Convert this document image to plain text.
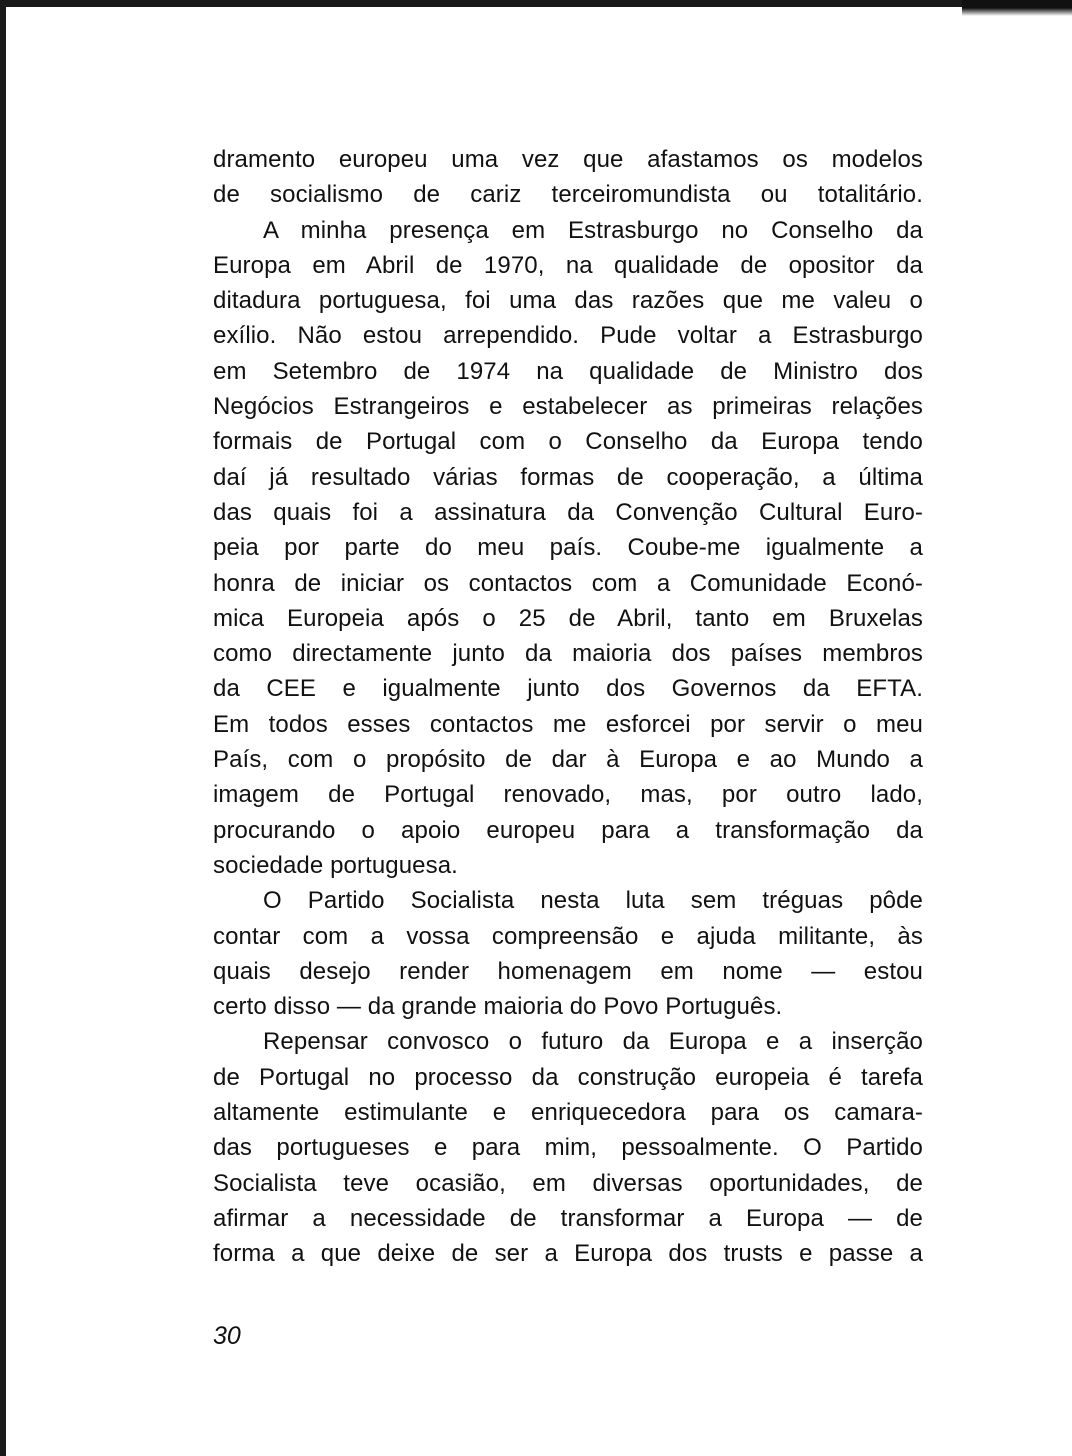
dramento europeu uma vez que afastamos os modelos
de socialismo de cariz terceiromundista ou totalitário.
A minha presença em Estrasburgo no Conselho da
Europa em Abril de 1970, na qualidade de opositor da
ditadura portuguesa, foi uma das razões que me valeu o
exílio. Não estou arrependido. Pude voltar a Estrasburgo
em Setembro de 1974 na qualidade de Ministro dos
Negócios Estrangeiros e estabelecer as primeiras relações
formais de Portugal com o Conselho da Europa tendo
daí já resultado várias formas de cooperação, a última
das quais foi a assinatura da Convenção Cultural Euro-
peia por parte do meu país. Coube-me igualmente a
honra de iniciar os contactos com a Comunidade Econó-
mica Europeia após o 25 de Abril, tanto em Bruxelas
como directamente junto da maioria dos países membros
da CEE e igualmente junto dos Governos da EFTA.
Em todos esses contactos me esforcei por servir o meu
País, com o propósito de dar à Europa e ao Mundo a
imagem de Portugal renovado, mas, por outro lado,
procurando o apoio europeu para a transformação da
sociedade portuguesa.
O Partido Socialista nesta luta sem tréguas pôde
contar com a vossa compreensão e ajuda militante, às
quais desejo render homenagem em nome — estou
certo disso — da grande maioria do Povo Português.
Repensar convosco o futuro da Europa e a inserção
de Portugal no processo da construção europeia é tarefa
altamente estimulante e enriquecedora para os camara-
das portugueses e para mim, pessoalmente. O Partido
Socialista teve ocasião, em diversas oportunidades, de
afirmar a necessidade de transformar a Europa — de
forma a que deixe de ser a Europa dos trusts e passe a
30
